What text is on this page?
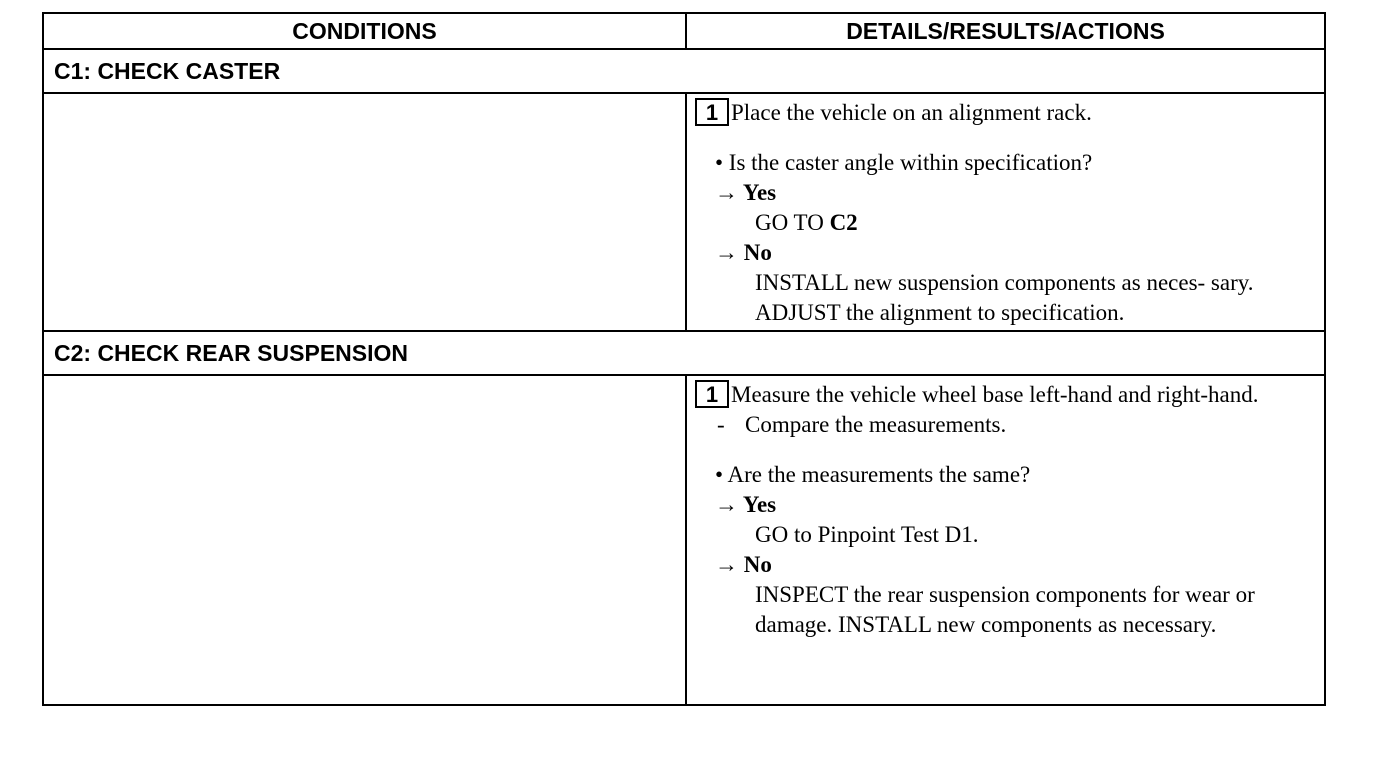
CONDITIONS	DETAILS/RESULTS/ACTIONS
C1: CHECK CASTER
1 Place the vehicle on an alignment rack.
• Is the caster angle within specification?
→ Yes
GO TO C2
→ No
INSTALL new suspension components as neces- sary. ADJUST the alignment to specification.
C2: CHECK REAR SUSPENSION
1 Measure the vehicle wheel base left-hand and right-hand.
- Compare the measurements.
• Are the measurements the same?
→ Yes
GO to Pinpoint Test D1.
→ No
INSPECT the rear suspension components for wear or damage. INSTALL new components as necessary.
